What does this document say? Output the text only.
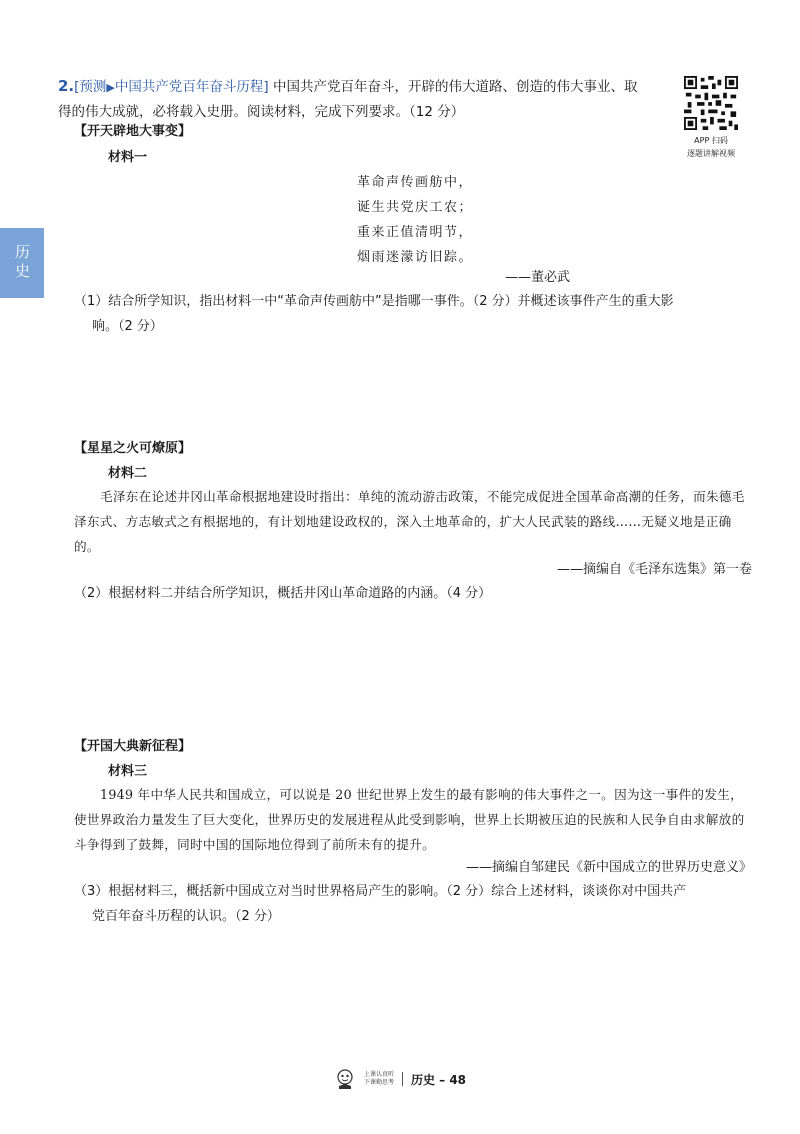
历史
2.[预测▶中国共产党百年奋斗历程] 中国共产党百年奋斗，开辟的伟大道路、创造的伟大事业、取
得的伟大成就，必将载入史册。阅读材料，完成下列要求。（12 分）
APP 扫码
逐题讲解视频
【开天辟地大事变】
材料一
革命声传画舫中，
诞生共党庆工农；
重来正值清明节，
烟雨迷濛访旧踪。
——董必武
（1）结合所学知识，指出材料一中“革命声传画舫中”是指哪一事件。（2 分）并概述该事件产生的重大影
响。（2 分）
【星星之火可燎原】
材料二
毛泽东在论述井冈山革命根据地建设时指出：单纯的流动游击政策，不能完成促进全国革命高潮的任务，而朱德毛泽东式、方志敏式之有根据地的，有计划地建设政权的，深入土地革命的，扩大人民武装的路线……无疑义地是正确的。
——摘编自《毛泽东选集》第一卷
（2）根据材料二并结合所学知识，概括井冈山革命道路的内涵。（4 分）
【开国大典新征程】
材料三
1949 年中华人民共和国成立，可以说是 20 世纪世界上发生的最有影响的伟大事件之一。因为这一事件的发生，使世界政治力量发生了巨大变化，世界历史的发展进程从此受到影响，世界上长期被压迫的民族和人民争自由求解放的斗争得到了鼓舞，同时中国的国际地位得到了前所未有的提升。
——摘编自邹建民《新中国成立的世界历史意义》
（3）根据材料三，概括新中国成立对当时世界格局产生的影响。（2 分）综合上述材料，谈谈你对中国共产
党百年奋斗历程的认识。（2 分）
上课认真听
下课勤思考 历史 – 48
